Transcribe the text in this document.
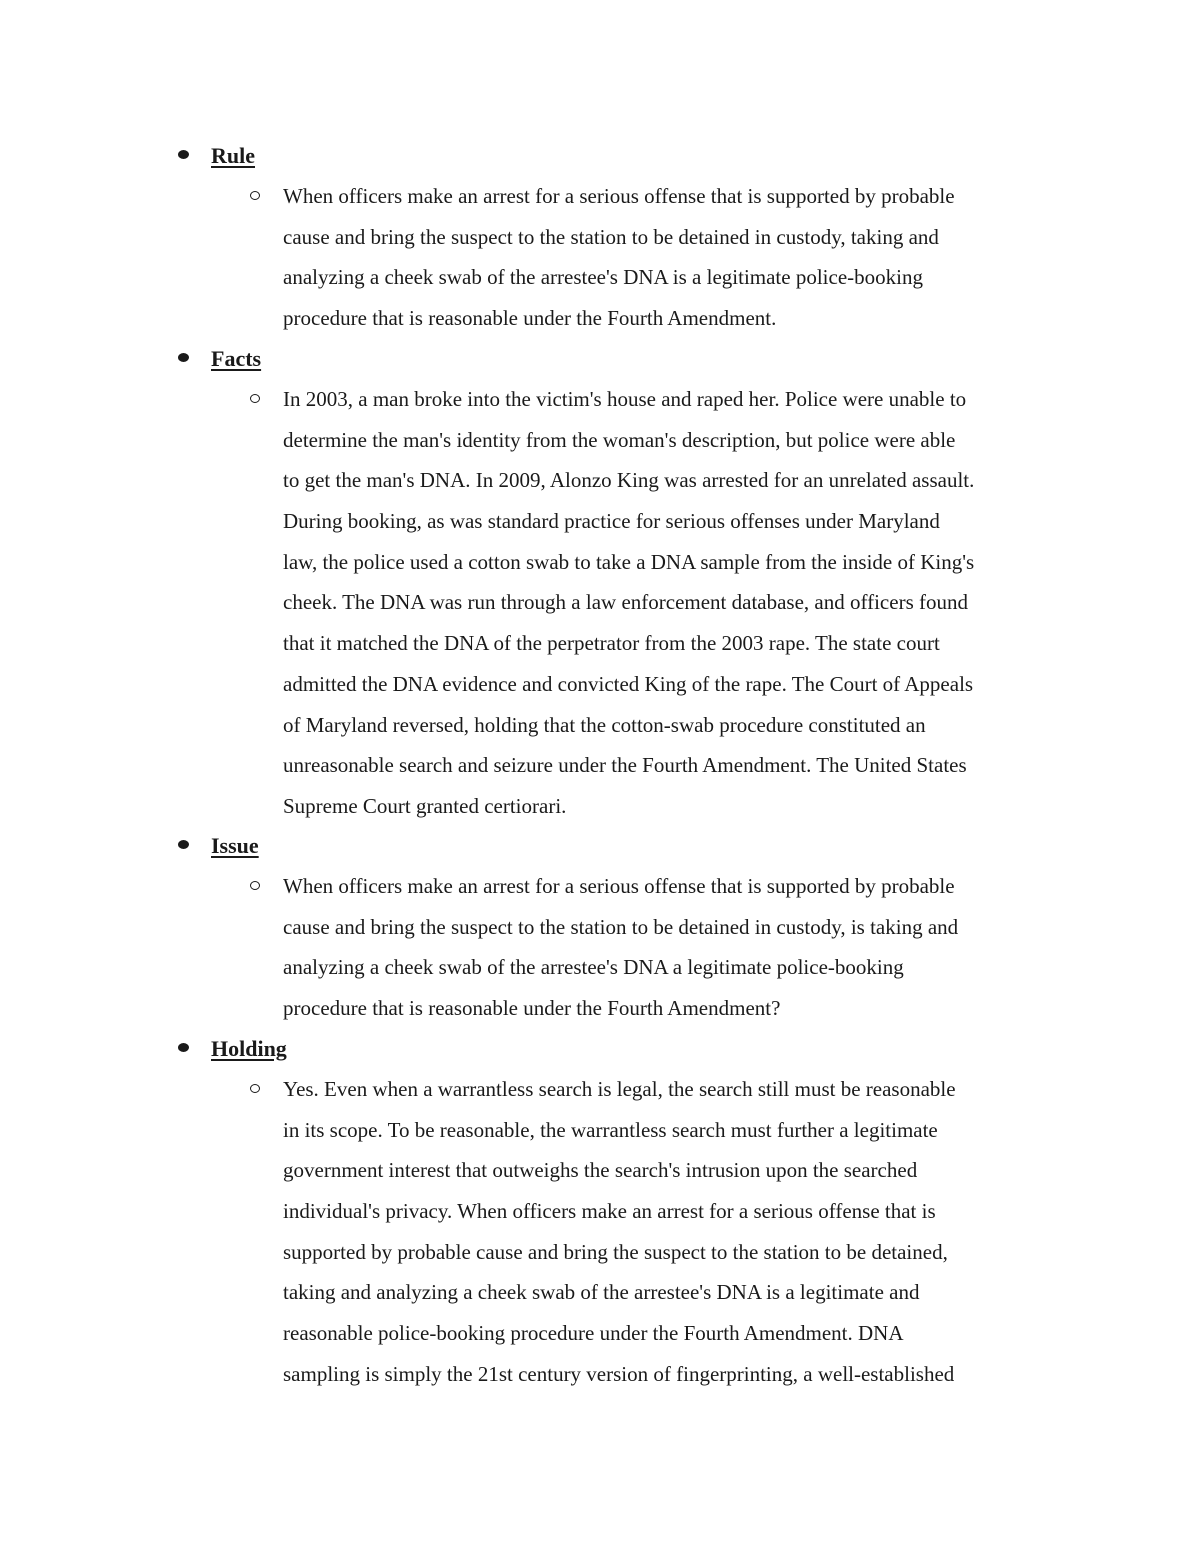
Rule
When officers make an arrest for a serious offense that is supported by probable
cause and bring the suspect to the station to be detained in custody, taking and
analyzing a cheek swab of the arrestee's DNA is a legitimate police-booking
procedure that is reasonable under the Fourth Amendment.
Facts
In 2003, a man broke into the victim's house and raped her. Police were unable to
determine the man's identity from the woman's description, but police were able
to get the man's DNA. In 2009, Alonzo King was arrested for an unrelated assault.
During booking, as was standard practice for serious offenses under Maryland
law, the police used a cotton swab to take a DNA sample from the inside of King's
cheek. The DNA was run through a law enforcement database, and officers found
that it matched the DNA of the perpetrator from the 2003 rape. The state court
admitted the DNA evidence and convicted King of the rape. The Court of Appeals
of Maryland reversed, holding that the cotton-swab procedure constituted an
unreasonable search and seizure under the Fourth Amendment. The United States
Supreme Court granted certiorari.
Issue
When officers make an arrest for a serious offense that is supported by probable
cause and bring the suspect to the station to be detained in custody, is taking and
analyzing a cheek swab of the arrestee's DNA a legitimate police-booking
procedure that is reasonable under the Fourth Amendment?
Holding
Yes. Even when a warrantless search is legal, the search still must be reasonable
in its scope. To be reasonable, the warrantless search must further a legitimate
government interest that outweighs the search's intrusion upon the searched
individual's privacy. When officers make an arrest for a serious offense that is
supported by probable cause and bring the suspect to the station to be detained,
taking and analyzing a cheek swab of the arrestee's DNA is a legitimate and
reasonable police-booking procedure under the Fourth Amendment. DNA
sampling is simply the 21st century version of fingerprinting, a well-established
